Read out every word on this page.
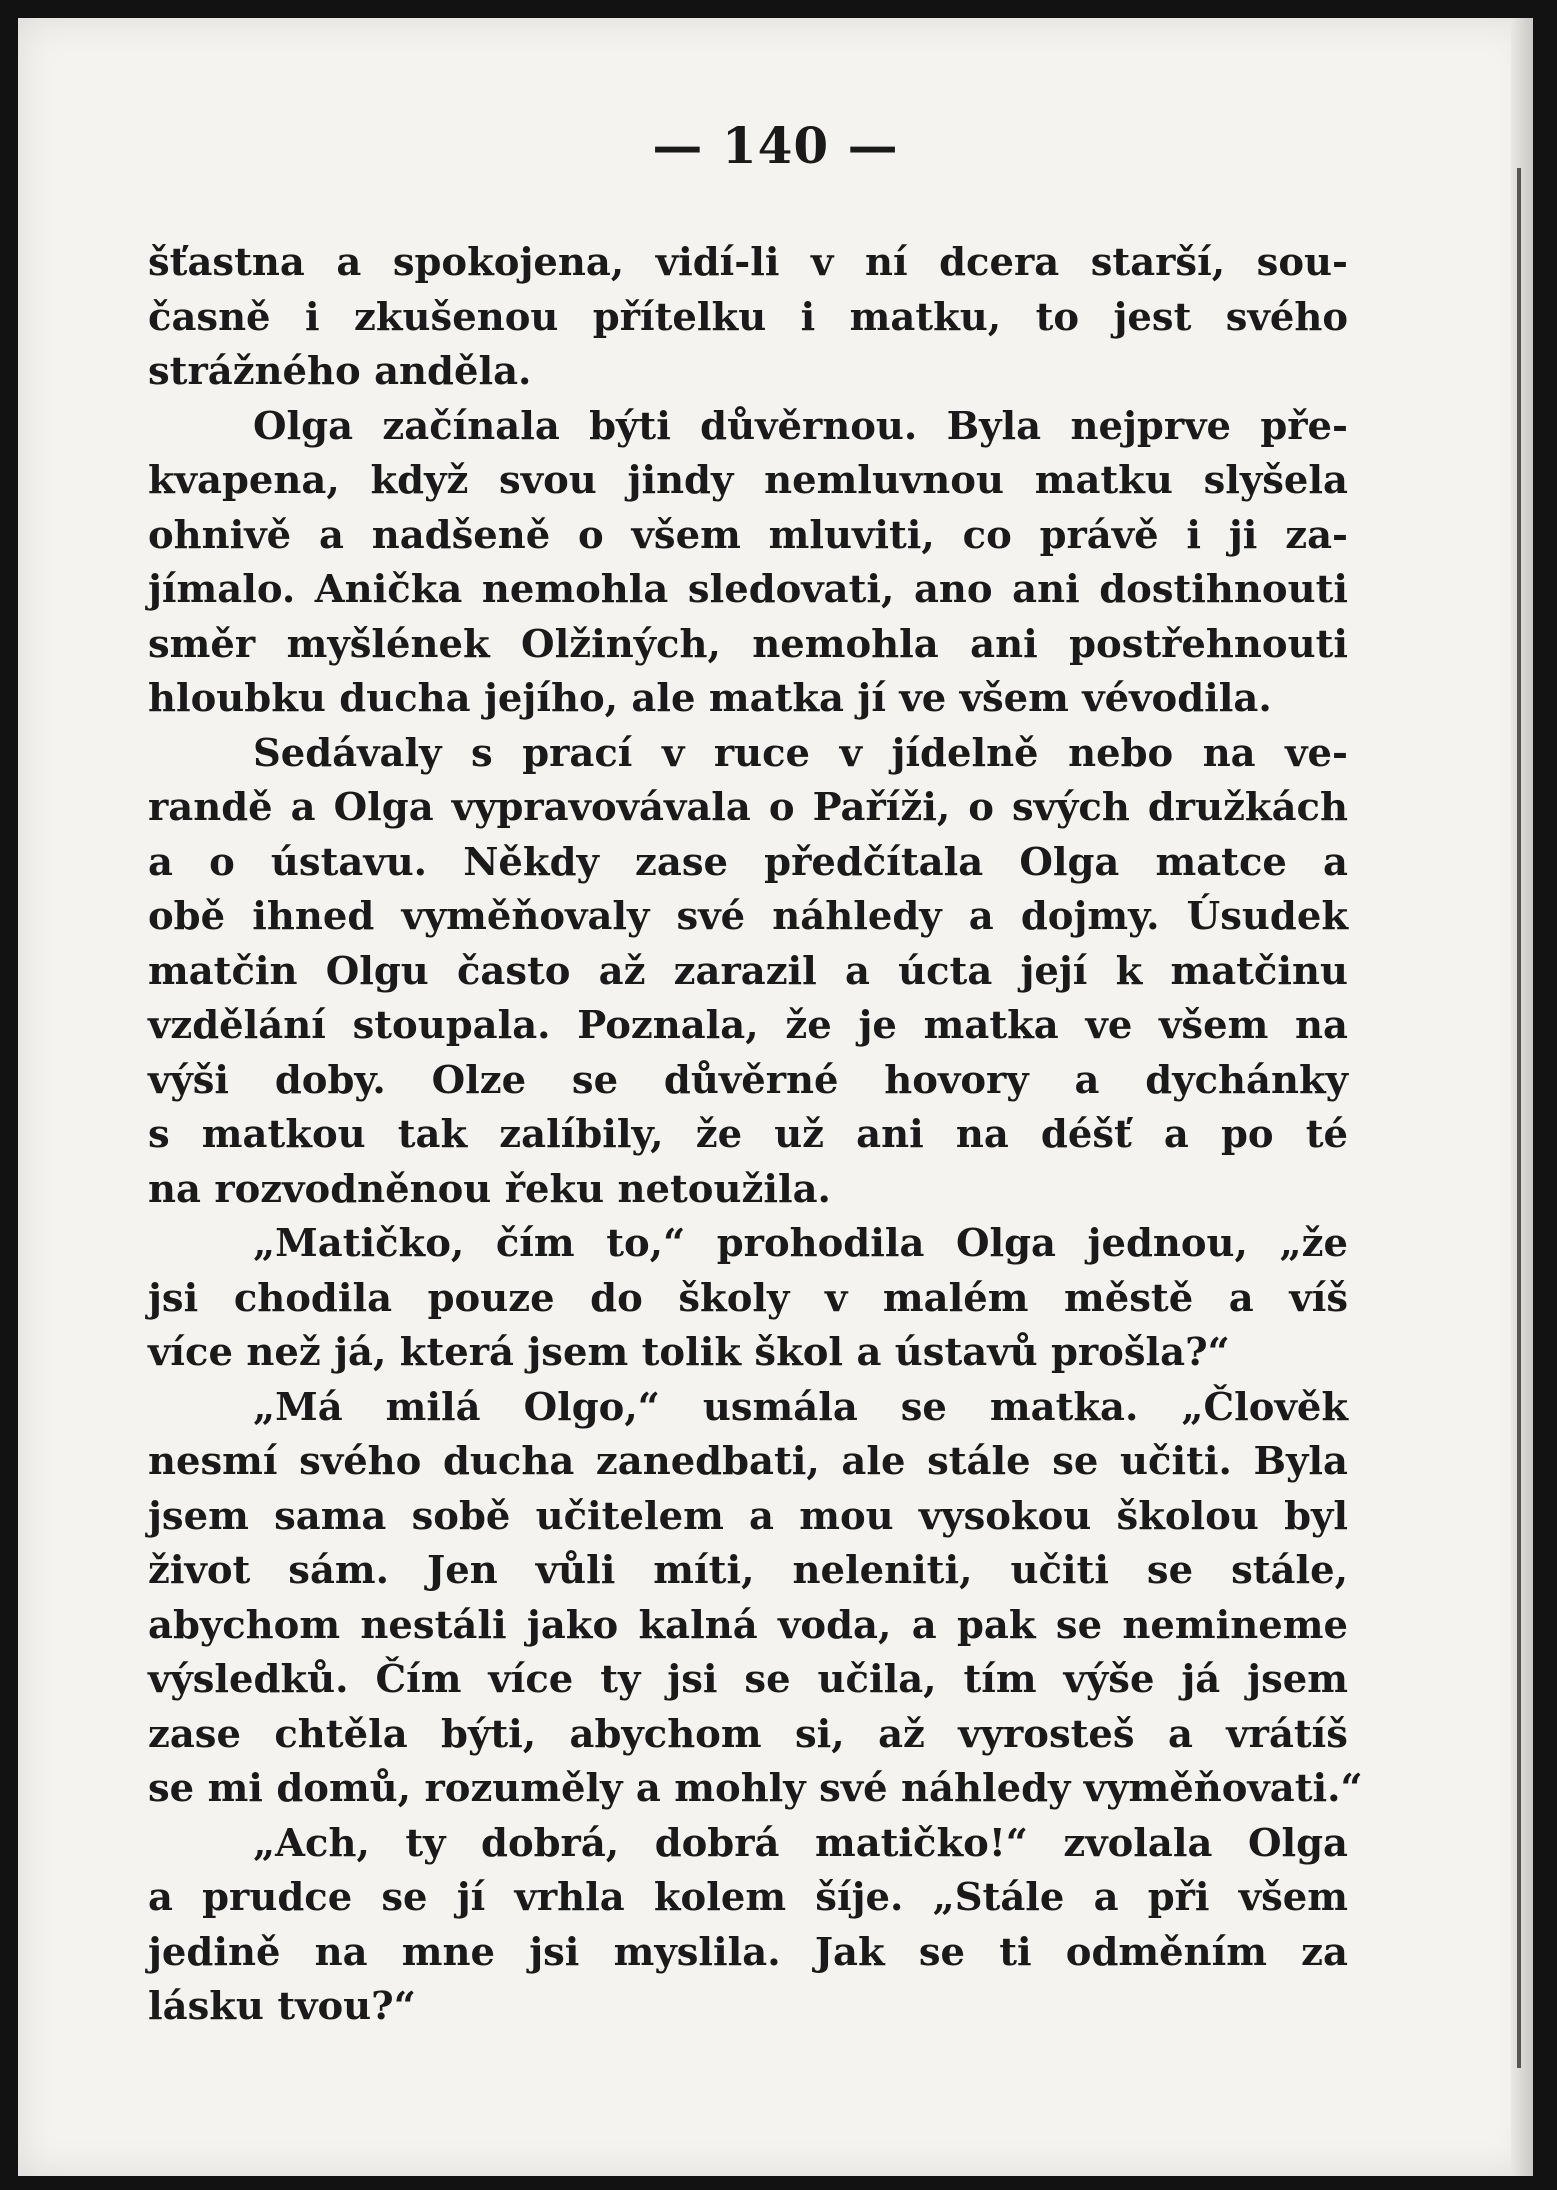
— 140 —
šťastna a spokojena, vidí-li v ní dcera starší, sou-
časně i zkušenou přítelku i matku, to jest svého
strážného anděla.
Olga začínala býti důvěrnou. Byla nejprve pře-
kvapena, když svou jindy nemluvnou matku slyšela
ohnivě a nadšeně o všem mluviti, co právě i ji za-
jímalo. Anička nemohla sledovati, ano ani dostihnouti
směr myšlének Olžiných, nemohla ani postřehnouti
hloubku ducha jejího, ale matka jí ve všem vévodila.
Sedávaly s prací v ruce v jídelně nebo na ve-
randě a Olga vypravovávala o Paříži, o svých družkách
a o ústavu. Někdy zase předčítala Olga matce a
obě ihned vyměňovaly své náhledy a dojmy. Úsudek
matčin Olgu často až zarazil a úcta její k matčinu
vzdělání stoupala. Poznala, že je matka ve všem na
výši doby. Olze se důvěrné hovory a dychánky
s matkou tak zalíbily, že už ani na déšť a po té
na rozvodněnou řeku netoužila.
„Matičko, čím to,“ prohodila Olga jednou, „že
jsi chodila pouze do školy v malém městě a víš
více než já, která jsem tolik škol a ústavů prošla?“
„Má milá Olgo,“ usmála se matka. „Člověk
nesmí svého ducha zanedbati, ale stále se učiti. Byla
jsem sama sobě učitelem a mou vysokou školou byl
život sám. Jen vůli míti, neleniti, učiti se stále,
abychom nestáli jako kalná voda, a pak se nemineme
výsledků. Čím více ty jsi se učila, tím výše já jsem
zase chtěla býti, abychom si, až vyrosteš a vrátíš
se mi domů, rozuměly a mohly své náhledy vyměňovati.“
„Ach, ty dobrá, dobrá matičko!“ zvolala Olga
a prudce se jí vrhla kolem šíje. „Stále a při všem
jedině na mne jsi myslila. Jak se ti odměním za
lásku tvou?“
